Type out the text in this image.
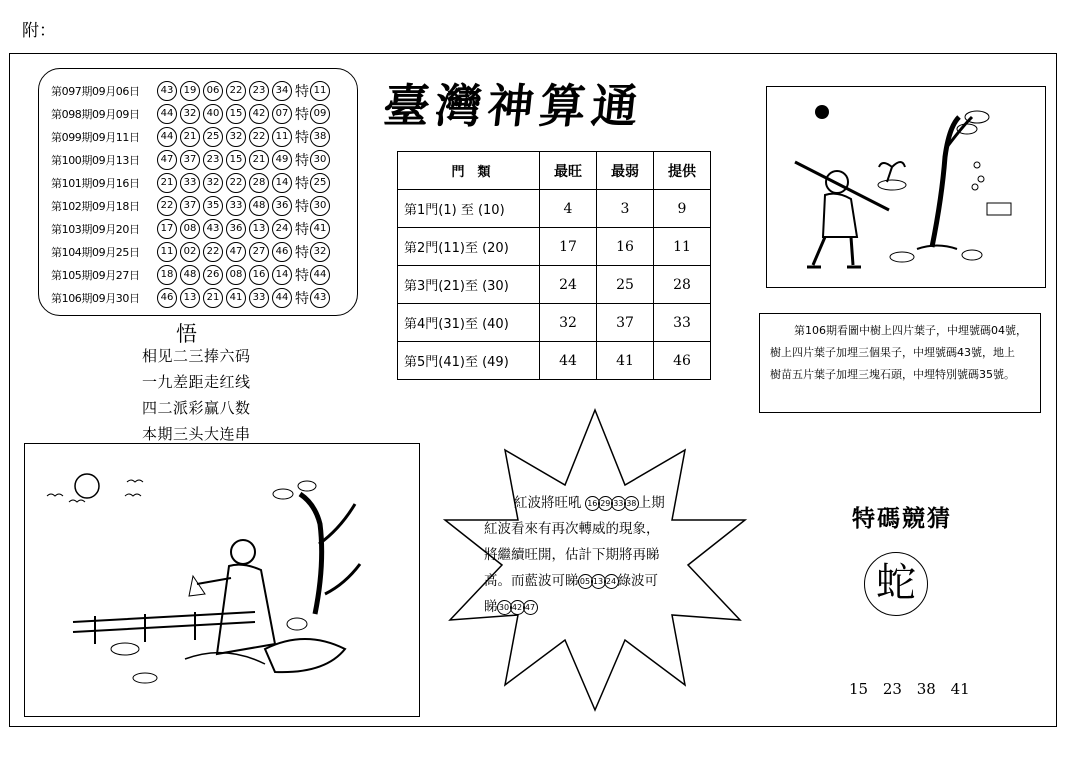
附：
第097期09月06日	43	19	06	22	23	34 特 11
第098期09月09日	44	32	40	15	42	07 特 09
第099期09月11日	44	21	25	32	22	11 特 38
第100期09月13日	47	37	23	15	21	49 特 30
第101期09月16日	21	33	32	22	28	14 特 25
第102期09月18日	22	37	35	33	48	36 特 30
第103期09月20日	17	08	43	36	13	24 特 41
第104期09月25日	11	02	22	47	27	46 特 32
第105期09月27日	18	48	26	08	16	14 特 44
第106期09月30日	46	13	21	41	33	44 特 43
臺灣神算通
門　類	最旺	最弱	提供
第1門(1) 至 (10)	4	3	9
第2門(11)至 (20)	17	16	11
第3門(21)至 (30)	24	25	28
第4門(31)至 (40)	32	37	33
第5門(41)至 (49)	44	41	46
悟
相见二三捧六码
一九差距走红线
四二派彩赢八数
本期三头大连串
第106期看圖中樹上四片葉子，中埋號碼04號，
樹上四片葉子加埋三個果子，中埋號碼43號，地上
樹苗五片葉子加埋三塊石頭，中埋特別號碼35號。
紅波將旺吼 16 29 33 38上期
紅波看來有再次轉威的現象，
將繼續旺開，估計下期將再睇
高。而藍波可睇05 13 24綠波可
睇30 42 47
特碼競猜
蛇
15 23 38 41
